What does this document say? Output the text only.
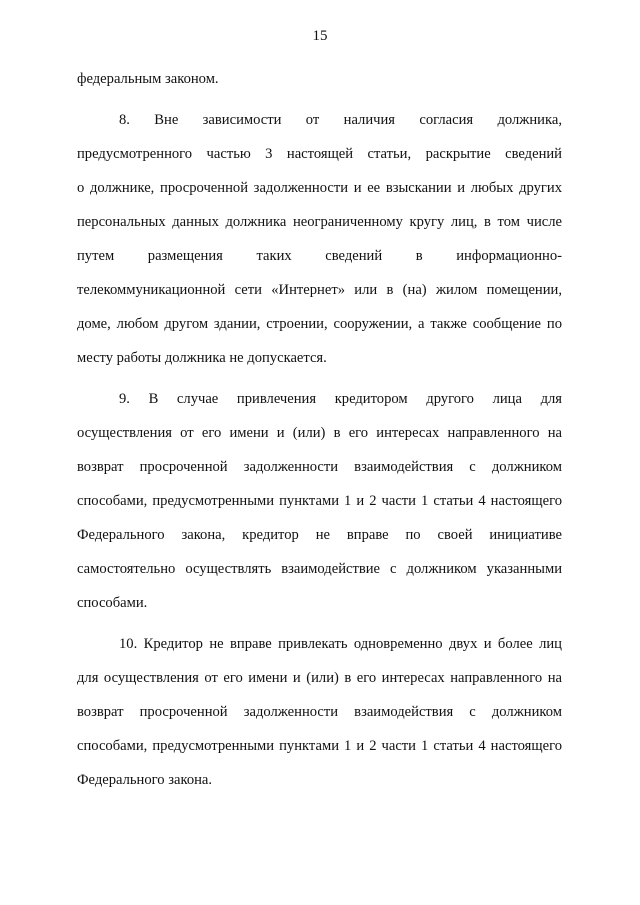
15
федеральным законом.
8. Вне зависимости от наличия согласия должника,
предусмотренного частью 3 настоящей статьи, раскрытие сведений
о должнике, просроченной задолженности и ее взыскании и любых других
персональных данных должника неограниченному кругу лиц, в том числе
путем размещения таких сведений в информационно-
телекоммуникационной сети «Интернет» или в (на) жилом помещении,
доме, любом другом здании, строении, сооружении, а также сообщение по
месту работы должника не допускается.
9. В случае привлечения кредитором другого лица для
осуществления от его имени и (или) в его интересах направленного на
возврат просроченной задолженности взаимодействия с должником
способами, предусмотренными пунктами 1 и 2 части 1 статьи 4 настоящего
Федерального закона, кредитор не вправе по своей инициативе
самостоятельно осуществлять взаимодействие с должником указанными
способами.
10. Кредитор не вправе привлекать одновременно двух и более лиц
для осуществления от его имени и (или) в его интересах направленного на
возврат просроченной задолженности взаимодействия с должником
способами, предусмотренными пунктами 1 и 2 части 1 статьи 4 настоящего
Федерального закона.
